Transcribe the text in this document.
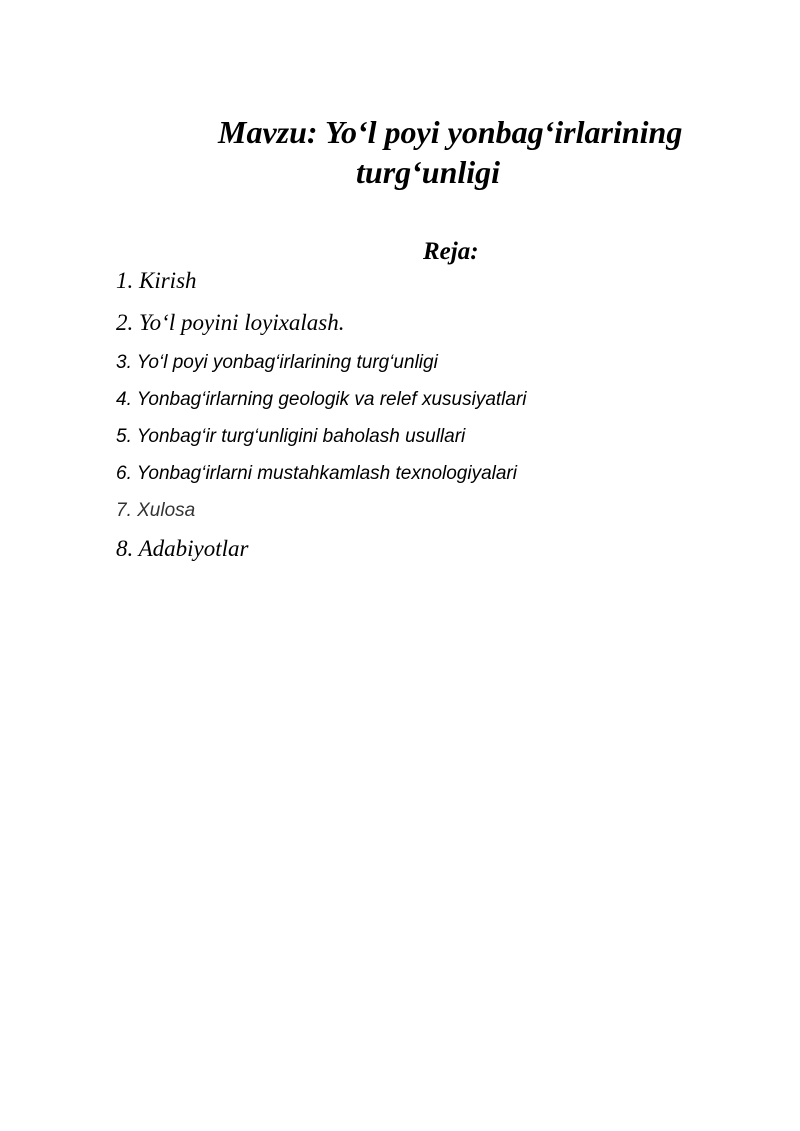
Mavzu: Yo‘l poyi yonbag‘irlarining
turg‘unligi
Reja:
1. Kirish
2. Yo‘l poyini loyixalash.
3. Yo‘l poyi yonbag‘irlarining turg‘unligi
4. Yonbag‘irlarning geologik va relef xususiyatlari
5. Yonbag‘ir turg‘unligini baholash usullari
6. Yonbag‘irlarni mustahkamlash texnologiyalari
7. Xulosa
8. Adabiyotlar
